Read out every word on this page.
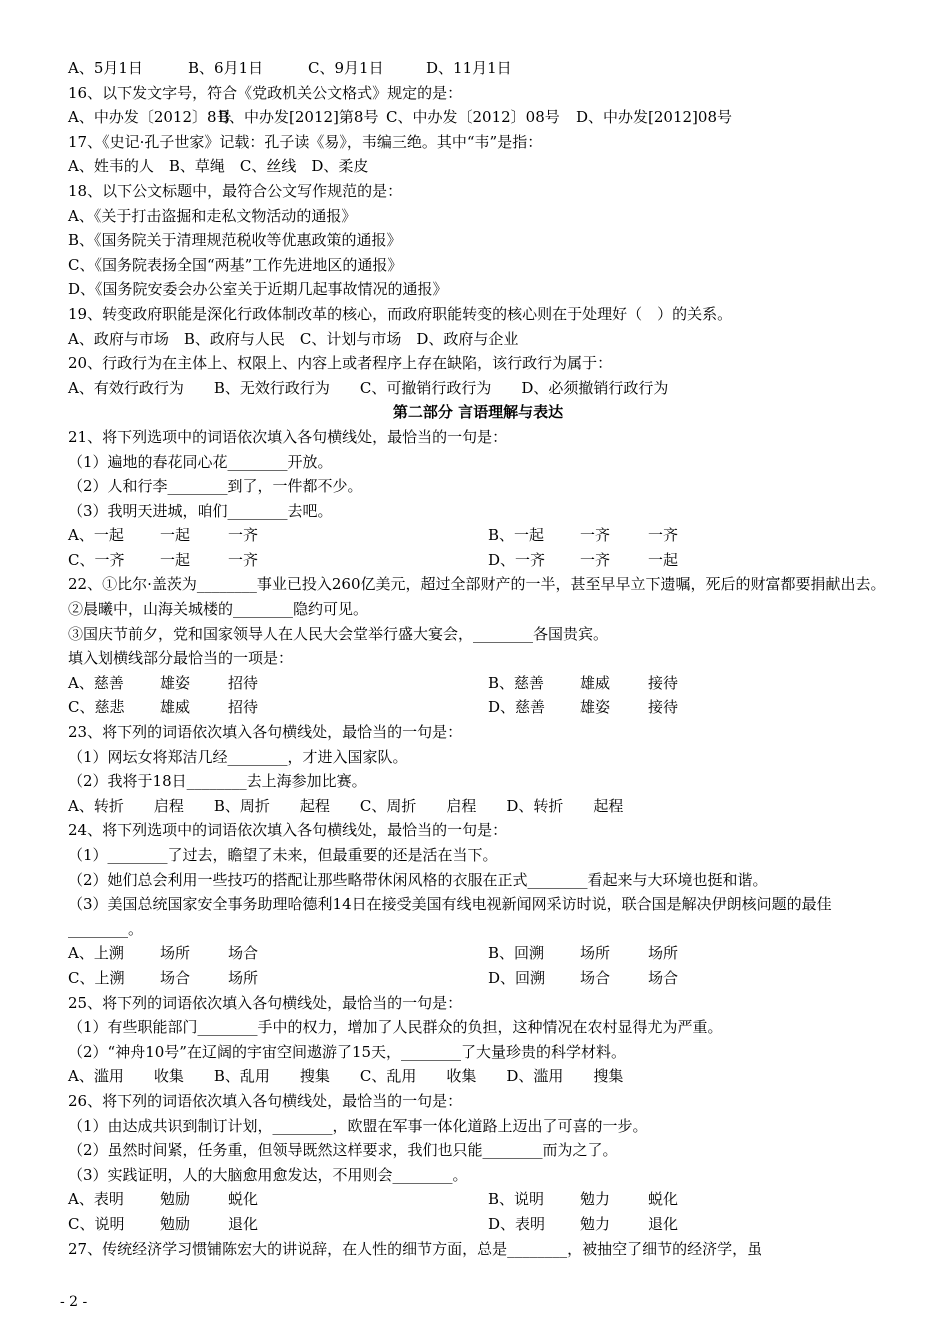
A、5月1日	B、6月1日	C、9月1日	D、11月1日
16、以下发文字号，符合《党政机关公文格式》规定的是：
A、中办发〔2012〕8号
B、中办发[2012]第8号 C、中办发〔2012〕08号	D、中办发[2012]08号
17、《史记·孔子世家》记载：孔子读《易》，韦编三绝。其中“韦”是指：
A、姓韦的人　B、草绳　C、丝线　D、柔皮
18、以下公文标题中，最符合公文写作规范的是：
A、《关于打击盗掘和走私文物活动的通报》
B、《国务院关于清理规范税收等优惠政策的通报》
C、《国务院表扬全国“两基”工作先进地区的通报》
D、《国务院安委会办公室关于近期几起事故情况的通报》
19、转变政府职能是深化行政体制改革的核心，而政府职能转变的核心则在于处理好（　）的关系。
A、政府与市场　B、政府与人民　C、计划与市场　D、政府与企业
20、行政行为在主体上、权限上、内容上或者程序上存在缺陷，该行政行为属于：
A、有效行政行为　　B、无效行政行为　　C、可撤销行政行为　　D、必须撤销行政行为
第二部分 言语理解与表达
21、将下列选项中的词语依次填入各句横线处，最恰当的一句是：
（1）遍地的春花同心花________开放。
（2）人和行李________到了，一件都不少。
（3）我明天进城，咱们________去吧。
A、一起 一起	一齐	B、一起 一齐	一齐
C、一齐 一起	一齐	D、一齐 一齐	一起
22、①比尔·盖茨为________事业已投入260亿美元，超过全部财产的一半，甚至早早立下遗嘱，死后的财富都要捐献出去。
②晨曦中，山海关城楼的________隐约可见。
③国庆节前夕，党和国家领导人在人民大会堂举行盛大宴会，________各国贵宾。
填入划横线部分最恰当的一项是：
A、慈善 雄姿	招待	B、慈善 雄威	接待
C、慈悲 雄威	招待	D、慈善 雄姿	接待
23、将下列的词语依次填入各句横线处，最恰当的一句是：
（1）网坛女将郑洁几经________，才进入国家队。
（2）我将于18日________去上海参加比赛。
A、转折　　启程　　B、周折　　起程　　C、周折　　启程　　D、转折　　起程
24、将下列选项中的词语依次填入各句横线处，最恰当的一句是：
（1）________了过去，瞻望了未来，但最重要的还是活在当下。
（2）她们总会利用一些技巧的搭配让那些略带休闲风格的衣服在正式________看起来与大环境也挺和谐。
（3）美国总统国家安全事务助理哈德利14日在接受美国有线电视新闻网采访时说，联合国是解决伊朗核问题的最佳________。
A、上溯 场所	场合	B、回溯 场所	场所
C、上溯 场合	场所	D、回溯 场合	场合
25、将下列的词语依次填入各句横线处，最恰当的一句是：
（1）有些职能部门________手中的权力，增加了人民群众的负担，这种情况在农村显得尤为严重。
（2）“神舟10号”在辽阔的宇宙空间遨游了15天，________了大量珍贵的科学材料。
A、滥用　　收集　　B、乱用　　搜集　　C、乱用　　收集　　D、滥用　　搜集
26、将下列的词语依次填入各句横线处，最恰当的一句是：
（1）由达成共识到制订计划，________，欧盟在军事一体化道路上迈出了可喜的一步。
（2）虽然时间紧，任务重，但领导既然这样要求，我们也只能________而为之了。
（3）实践证明，人的大脑愈用愈发达，不用则会________。
A、表明 勉励	蜕化	B、说明 勉力	蜕化
C、说明 勉励	退化	D、表明 勉力	退化
27、传统经济学习惯铺陈宏大的讲说辞，在人性的细节方面，总是________，被抽空了细节的经济学，虽
- 2 -
